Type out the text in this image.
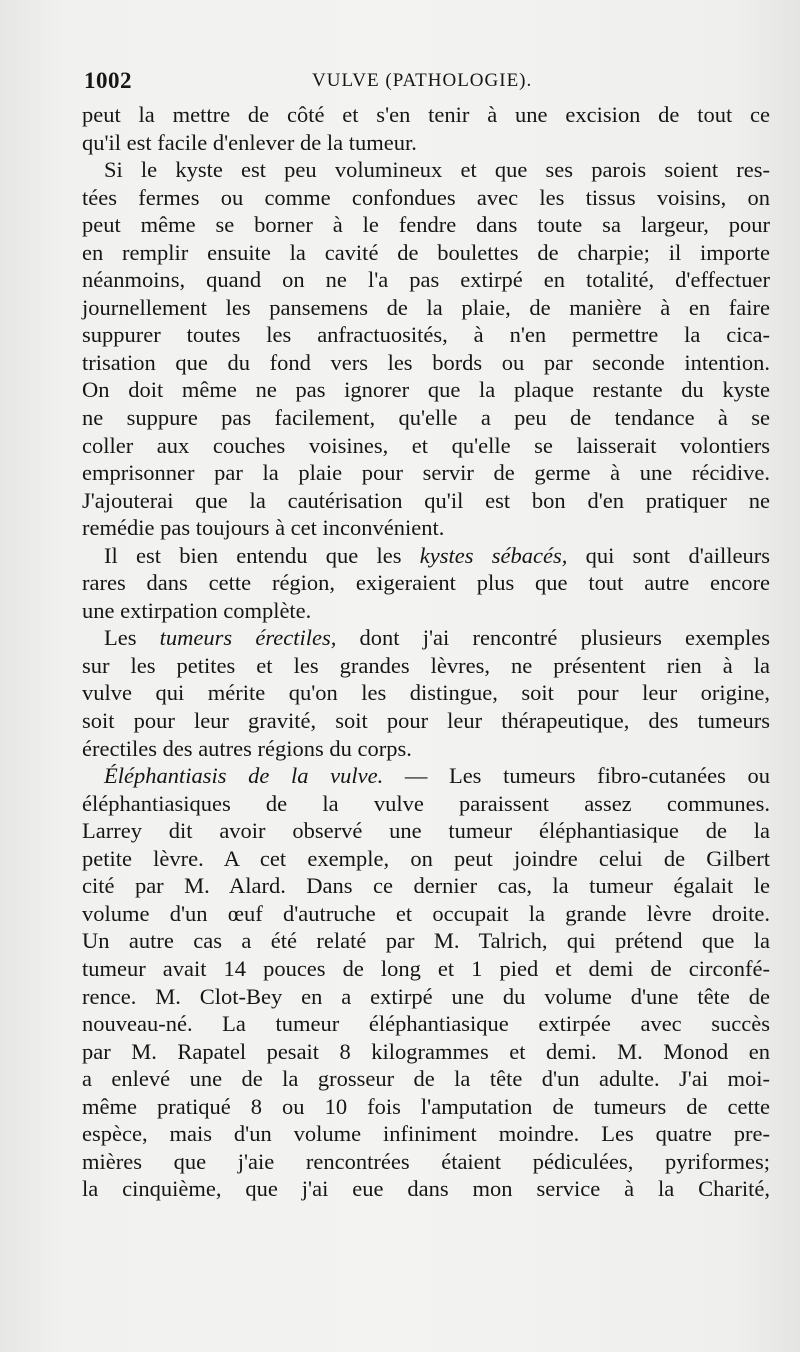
1002	VULVE (PATHOLOGIE).
peut la mettre de côté et s'en tenir à une excision de tout ce
qu'il est facile d'enlever de la tumeur.
Si le kyste est peu volumineux et que ses parois soient res-
tées fermes ou comme confondues avec les tissus voisins, on
peut même se borner à le fendre dans toute sa largeur, pour
en remplir ensuite la cavité de boulettes de charpie; il importe
néanmoins, quand on ne l'a pas extirpé en totalité, d'effectuer
journellement les pansemens de la plaie, de manière à en faire
suppurer toutes les anfractuosités, à n'en permettre la cica-
trisation que du fond vers les bords ou par seconde intention.
On doit même ne pas ignorer que la plaque restante du kyste
ne suppure pas facilement, qu'elle a peu de tendance à se
coller aux couches voisines, et qu'elle se laisserait volontiers
emprisonner par la plaie pour servir de germe à une récidive.
J'ajouterai que la cautérisation qu'il est bon d'en pratiquer ne
remédie pas toujours à cet inconvénient.
Il est bien entendu que les kystes sébacés, qui sont d'ailleurs
rares dans cette région, exigeraient plus que tout autre encore
une extirpation complète.
Les tumeurs érectiles, dont j'ai rencontré plusieurs exemples
sur les petites et les grandes lèvres, ne présentent rien à la
vulve qui mérite qu'on les distingue, soit pour leur origine,
soit pour leur gravité, soit pour leur thérapeutique, des tumeurs
érectiles des autres régions du corps.
Éléphantiasis de la vulve. — Les tumeurs fibro-cutanées ou
éléphantiasiques de la vulve paraissent assez communes.
Larrey dit avoir observé une tumeur éléphantiasique de la
petite lèvre. A cet exemple, on peut joindre celui de Gilbert
cité par M. Alard. Dans ce dernier cas, la tumeur égalait le
volume d'un œuf d'autruche et occupait la grande lèvre droite.
Un autre cas a été relaté par M. Talrich, qui prétend que la
tumeur avait 14 pouces de long et 1 pied et demi de circonfé-
rence. M. Clot-Bey en a extirpé une du volume d'une tête de
nouveau-né. La tumeur éléphantiasique extirpée avec succès
par M. Rapatel pesait 8 kilogrammes et demi. M. Monod en
a enlevé une de la grosseur de la tête d'un adulte. J'ai moi-
même pratiqué 8 ou 10 fois l'amputation de tumeurs de cette
espèce, mais d'un volume infiniment moindre. Les quatre pre-
mières que j'aie rencontrées étaient pédiculées, pyriformes;
la cinquième, que j'ai eue dans mon service à la Charité,
